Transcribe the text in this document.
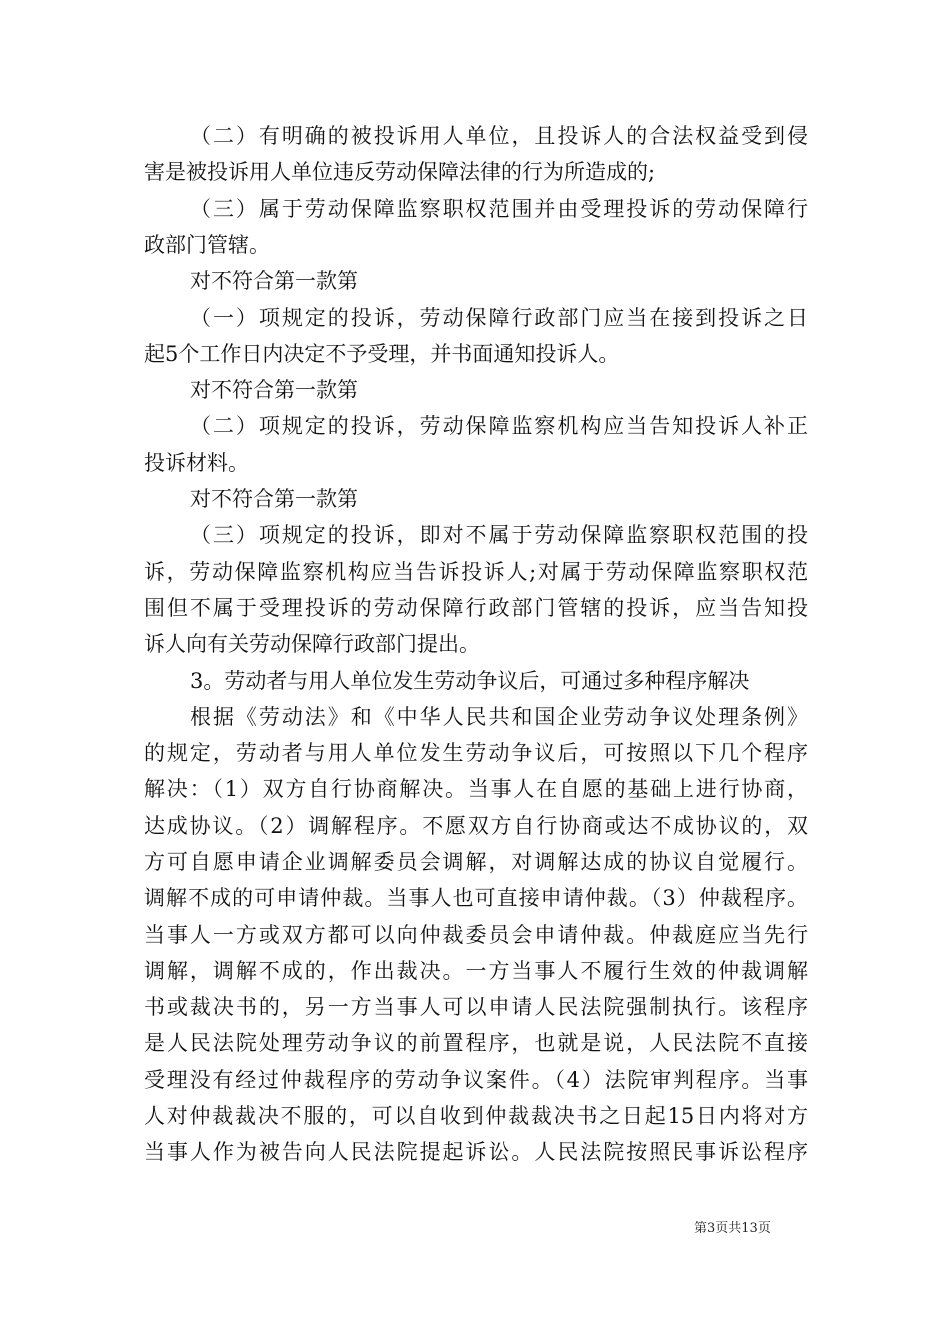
（二）有明确的被投诉用人单位，且投诉人的合法权益受到侵
害是被投诉用人单位违反劳动保障法律的行为所造成的;
（三）属于劳动保障监察职权范围并由受理投诉的劳动保障行
政部门管辖。
对不符合第一款第
（一）项规定的投诉，劳动保障行政部门应当在接到投诉之日
起5个工作日内决定不予受理，并书面通知投诉人。
对不符合第一款第
（二）项规定的投诉，劳动保障监察机构应当告知投诉人补正
投诉材料。
对不符合第一款第
（三）项规定的投诉，即对不属于劳动保障监察职权范围的投
诉，劳动保障监察机构应当告诉投诉人;对属于劳动保障监察职权范
围但不属于受理投诉的劳动保障行政部门管辖的投诉，应当告知投
诉人向有关劳动保障行政部门提出。
3。劳动者与用人单位发生劳动争议后，可通过多种程序解决
根据《劳动法》和《中华人民共和国企业劳动争议处理条例》
的规定，劳动者与用人单位发生劳动争议后，可按照以下几个程序
解决：（1）双方自行协商解决。当事人在自愿的基础上进行协商，
达成协议。（2）调解程序。不愿双方自行协商或达不成协议的，双
方可自愿申请企业调解委员会调解，对调解达成的协议自觉履行。
调解不成的可申请仲裁。当事人也可直接申请仲裁。（3）仲裁程序。
当事人一方或双方都可以向仲裁委员会申请仲裁。仲裁庭应当先行
调解，调解不成的，作出裁决。一方当事人不履行生效的仲裁调解
书或裁决书的，另一方当事人可以申请人民法院强制执行。该程序
是人民法院处理劳动争议的前置程序，也就是说，人民法院不直接
受理没有经过仲裁程序的劳动争议案件。（4）法院审判程序。当事
人对仲裁裁决不服的，可以自收到仲裁裁决书之日起15日内将对方
当事人作为被告向人民法院提起诉讼。人民法院按照民事诉讼程序
第3页共13页
